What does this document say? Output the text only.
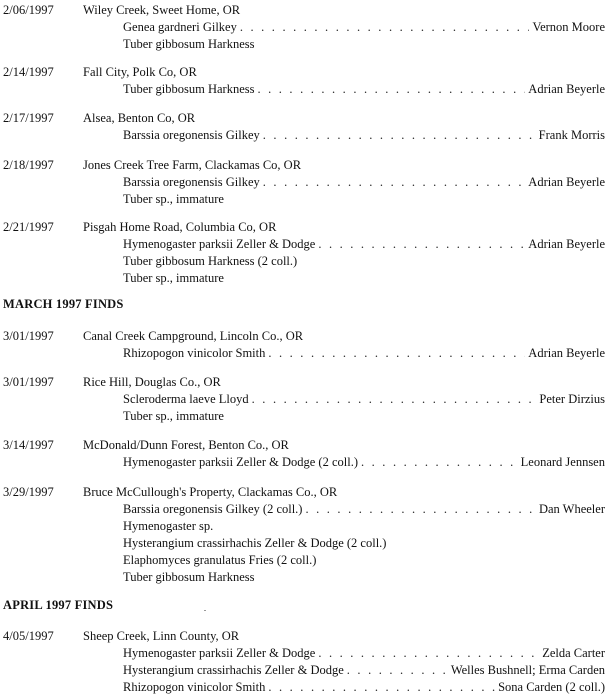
2/06/1997 Wiley Creek, Sweet Home, OR
Genea gardneri Gilkey . . .	Vernon Moore
Tuber gibbosum Harkness
2/14/1997 Fall City, Polk Co, OR
Tuber gibbosum Harkness . . .	Adrian Beyerle
2/17/1997 Alsea, Benton Co, OR
Barssia oregonensis Gilkey . . .	Frank Morris
2/18/1997 Jones Creek Tree Farm, Clackamas Co, OR
Barssia oregonensis Gilkey . . .	Adrian Beyerle
Tuber sp., immature
2/21/1997 Pisgah Home Road, Columbia Co, OR
Hymenogaster parksii Zeller & Dodge . . .	Adrian Beyerle
Tuber gibbosum Harkness (2 coll.)
Tuber sp., immature
MARCH 1997 FINDS
3/01/1997 Canal Creek Campground, Lincoln Co., OR
Rhizopogon vinicolor Smith . . .	Adrian Beyerle
3/01/1997 Rice Hill, Douglas Co., OR
Scleroderma laeve Lloyd . . .	Peter Dirzius
Tuber sp., immature
3/14/1997 McDonald/Dunn Forest, Benton Co., OR
Hymenogaster parksii Zeller & Dodge (2 coll.) . . .	Leonard Jennsen
3/29/1997 Bruce McCullough's Property, Clackamas Co., OR
Barssia oregonensis Gilkey (2 coll.) . . .	Dan Wheeler
Hymenogaster sp.
Hysterangium crassirhachis Zeller & Dodge (2 coll.)
Elaphomyces granulatus Fries (2 coll.)
Tuber gibbosum Harkness
APRIL 1997 FINDS
4/05/1997 Sheep Creek, Linn County, OR
Hymenogaster parksii Zeller & Dodge . . .	Zelda Carter
Hysterangium crassirhachis Zeller & Dodge . . .	Welles Bushnell; Erma Carden
Rhizopogon vinicolor Smith . . .	Sona Carden (2 coll.)
